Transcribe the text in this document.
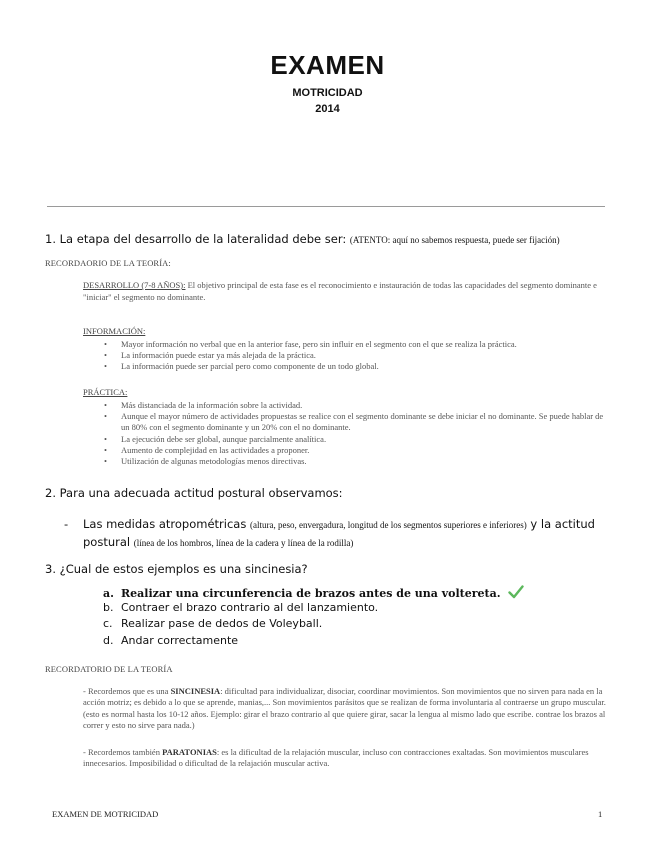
EXAMEN
MOTRICIDAD
2014
1. La etapa del desarrollo de la lateralidad debe ser: (ATENTO: aquí no sabemos respuesta, puede ser fijación)
RECORDAORIO DE LA TEORÍA:
DESARROLLO (7-8 AÑOS): El objetivo principal de esta fase es el reconocimiento e instauración de todas las capacidades del segmento dominante e "iniciar" el segmento no dominante.
INFORMACIÓN:
• Mayor información no verbal que en la anterior fase, pero sin influir en el segmento con el que se realiza la práctica.
• La información puede estar ya más alejada de la práctica.
• La información puede ser parcial pero como componente de un todo global.
PRÁCTICA:
• Más distanciada de la información sobre la actividad.
• Aunque el mayor número de actividades propuestas se realice con el segmento dominante se debe iniciar el no dominante. Se puede hablar de un 80% con el segmento dominante y un 20% con el no dominante.
• La ejecución debe ser global, aunque parcialmente analítica.
• Aumento de complejidad en las actividades a proponer.
• Utilización de algunas metodologías menos directivas.
2. Para una adecuada actitud postural observamos:
- Las medidas atropométricas (altura, peso, envergadura, longitud de los segmentos superiores e inferiores) y la actitud postural (línea de los hombros, línea de la cadera y línea de la rodilla)
3. ¿Cual de estos ejemplos es una sincinesia?
a. Realizar una circunferencia de brazos antes de una voltereta.
b. Contraer el brazo contrario al del lanzamiento.
c. Realizar pase de dedos de Voleyball.
d. Andar correctamente
RECORDATORIO DE LA TEORÍA
- Recordemos que es una SINCINESIA: dificultad para individualizar, disociar, coordinar movimientos. Son movimientos que no sirven para nada en la acción motriz; es debido a lo que se aprende, manias,... Son movimientos parásitos que se realizan de forma involuntaria al contraerse un grupo muscular. (esto es normal hasta los 10-12 años. Ejemplo: girar el brazo contrario al que quiere girar, sacar la lengua al mismo lado que escribe. contrae los brazos al correr y esto no sirve para nada.)
- Recordemos también PARATONIAS: es la dificultad de la relajación muscular, incluso con contracciones exaltadas. Son movimientos musculares innecesarios. Imposibilidad o dificultad de la relajación muscular activa.
EXAMEN DE MOTRICIDAD	1
